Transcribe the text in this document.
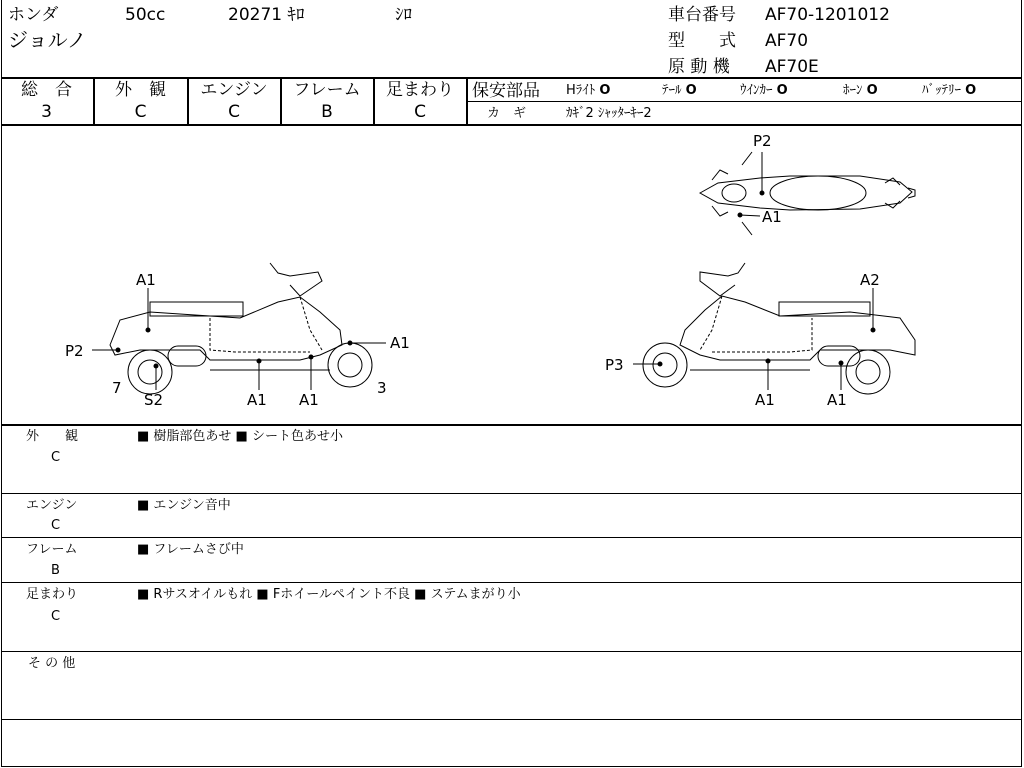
ホンダ	50cc	20271 ｷﾛ	ｼﾛ
ジョルノ
車台番号 AF70-1201012
型　　式 AF70
原 動 機 AF70E
総　合
3
外　観
C
エンジン
C
フレーム
B
足まわり
C
保安部品 Hﾗｲﾄ O	ﾃｰﾙ O	ｳｲﾝｶｰ O	ﾎｰﾝ O	ﾊﾞｯﾃﾘｰ O
カ　ギ	ｶｷﾞ2 ｼｬｯﾀｰｷｰ2
P2
A1
A1
P2	A1
7
S2	A1 A1
3
A2
P3
A1	A1
外　　観
C
■ 樹脂部色あせ ■ シート色あせ小
エンジン
C
■ エンジン音中
フレーム
B
■ フレームさび中
足まわり
C
■ Rサスオイルもれ ■ Fホイールペイント不良 ■ ステムまがり小
そ の 他
